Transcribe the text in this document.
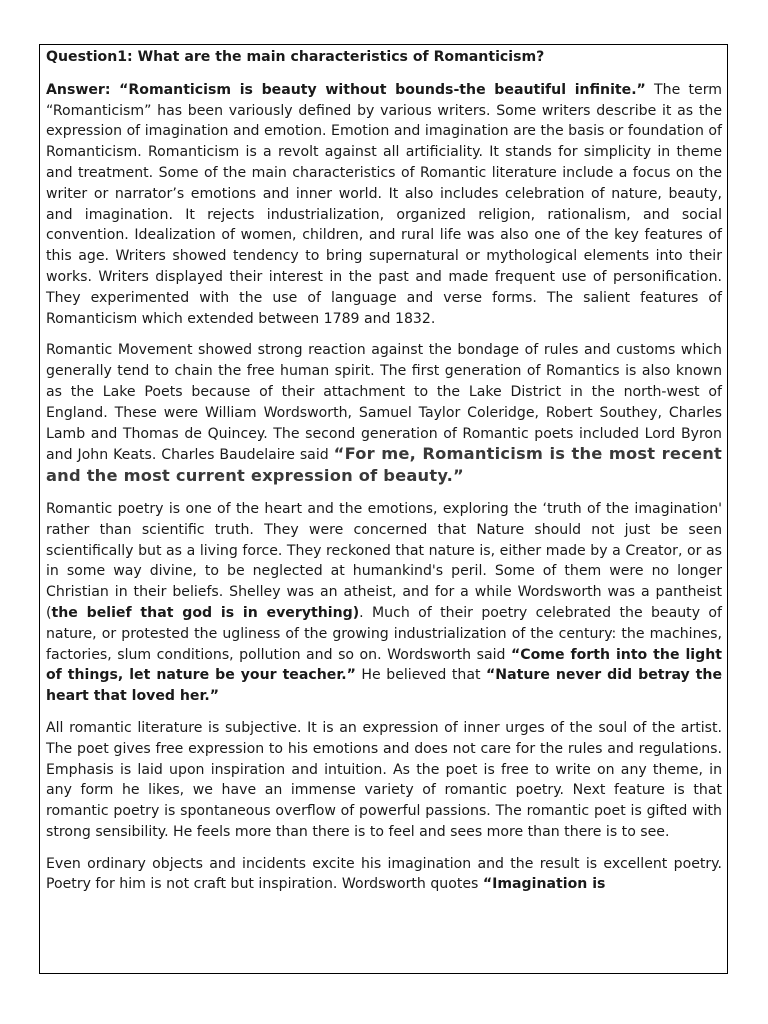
Question1: What are the main characteristics of Romanticism?

Answer: “Romanticism is beauty without bounds-the beautiful infinite.” The term “Romanticism” has been variously defined by various writers. Some writers describe it as the expression of imagination and emotion. Emotion and imagination are the basis or foundation of Romanticism. Romanticism is a revolt against all artificiality. It stands for simplicity in theme and treatment. Some of the main characteristics of Romantic literature include a focus on the writer or narrator’s emotions and inner world. It also includes celebration of nature, beauty, and imagination. It rejects industrialization, organized religion, rationalism, and social convention. Idealization of women, children, and rural life was also one of the key features of this age. Writers showed tendency to bring supernatural or mythological elements into their works. Writers displayed their interest in the past and made frequent use of personification. They experimented with the use of language and verse forms. The salient features of Romanticism which extended between 1789 and 1832.

Romantic Movement showed strong reaction against the bondage of rules and customs which generally tend to chain the free human spirit. The first generation of Romantics is also known as the Lake Poets because of their attachment to the Lake District in the north-west of England. These were William Wordsworth, Samuel Taylor Coleridge, Robert Southey, Charles Lamb and Thomas de Quincey. The second generation of Romantic poets included Lord Byron and John Keats. Charles Baudelaire said “For me, Romanticism is the most recent and the most current expression of beauty.”

Romantic poetry is one of the heart and the emotions, exploring the ‘truth of the imagination' rather than scientific truth. They were concerned that Nature should not just be seen scientifically but as a living force. They reckoned that nature is, either made by a Creator, or as in some way divine, to be neglected at humankind's peril. Some of them were no longer Christian in their beliefs. Shelley was an atheist, and for a while Wordsworth was a pantheist (the belief that god is in everything). Much of their poetry celebrated the beauty of nature, or protested the ugliness of the growing industrialization of the century: the machines, factories, slum conditions, pollution and so on. Wordsworth said “Come forth into the light of things, let nature be your teacher.” He believed that “Nature never did betray the heart that loved her.”

All romantic literature is subjective. It is an expression of inner urges of the soul of the artist. The poet gives free expression to his emotions and does not care for the rules and regulations. Emphasis is laid upon inspiration and intuition. As the poet is free to write on any theme, in any form he likes, we have an immense variety of romantic poetry. Next feature is that romantic poetry is spontaneous overflow of powerful passions. The romantic poet is gifted with strong sensibility. He feels more than there is to feel and sees more than there is to see.

Even ordinary objects and incidents excite his imagination and the result is excellent poetry. Poetry for him is not craft but inspiration. Wordsworth quotes “Imagination is
